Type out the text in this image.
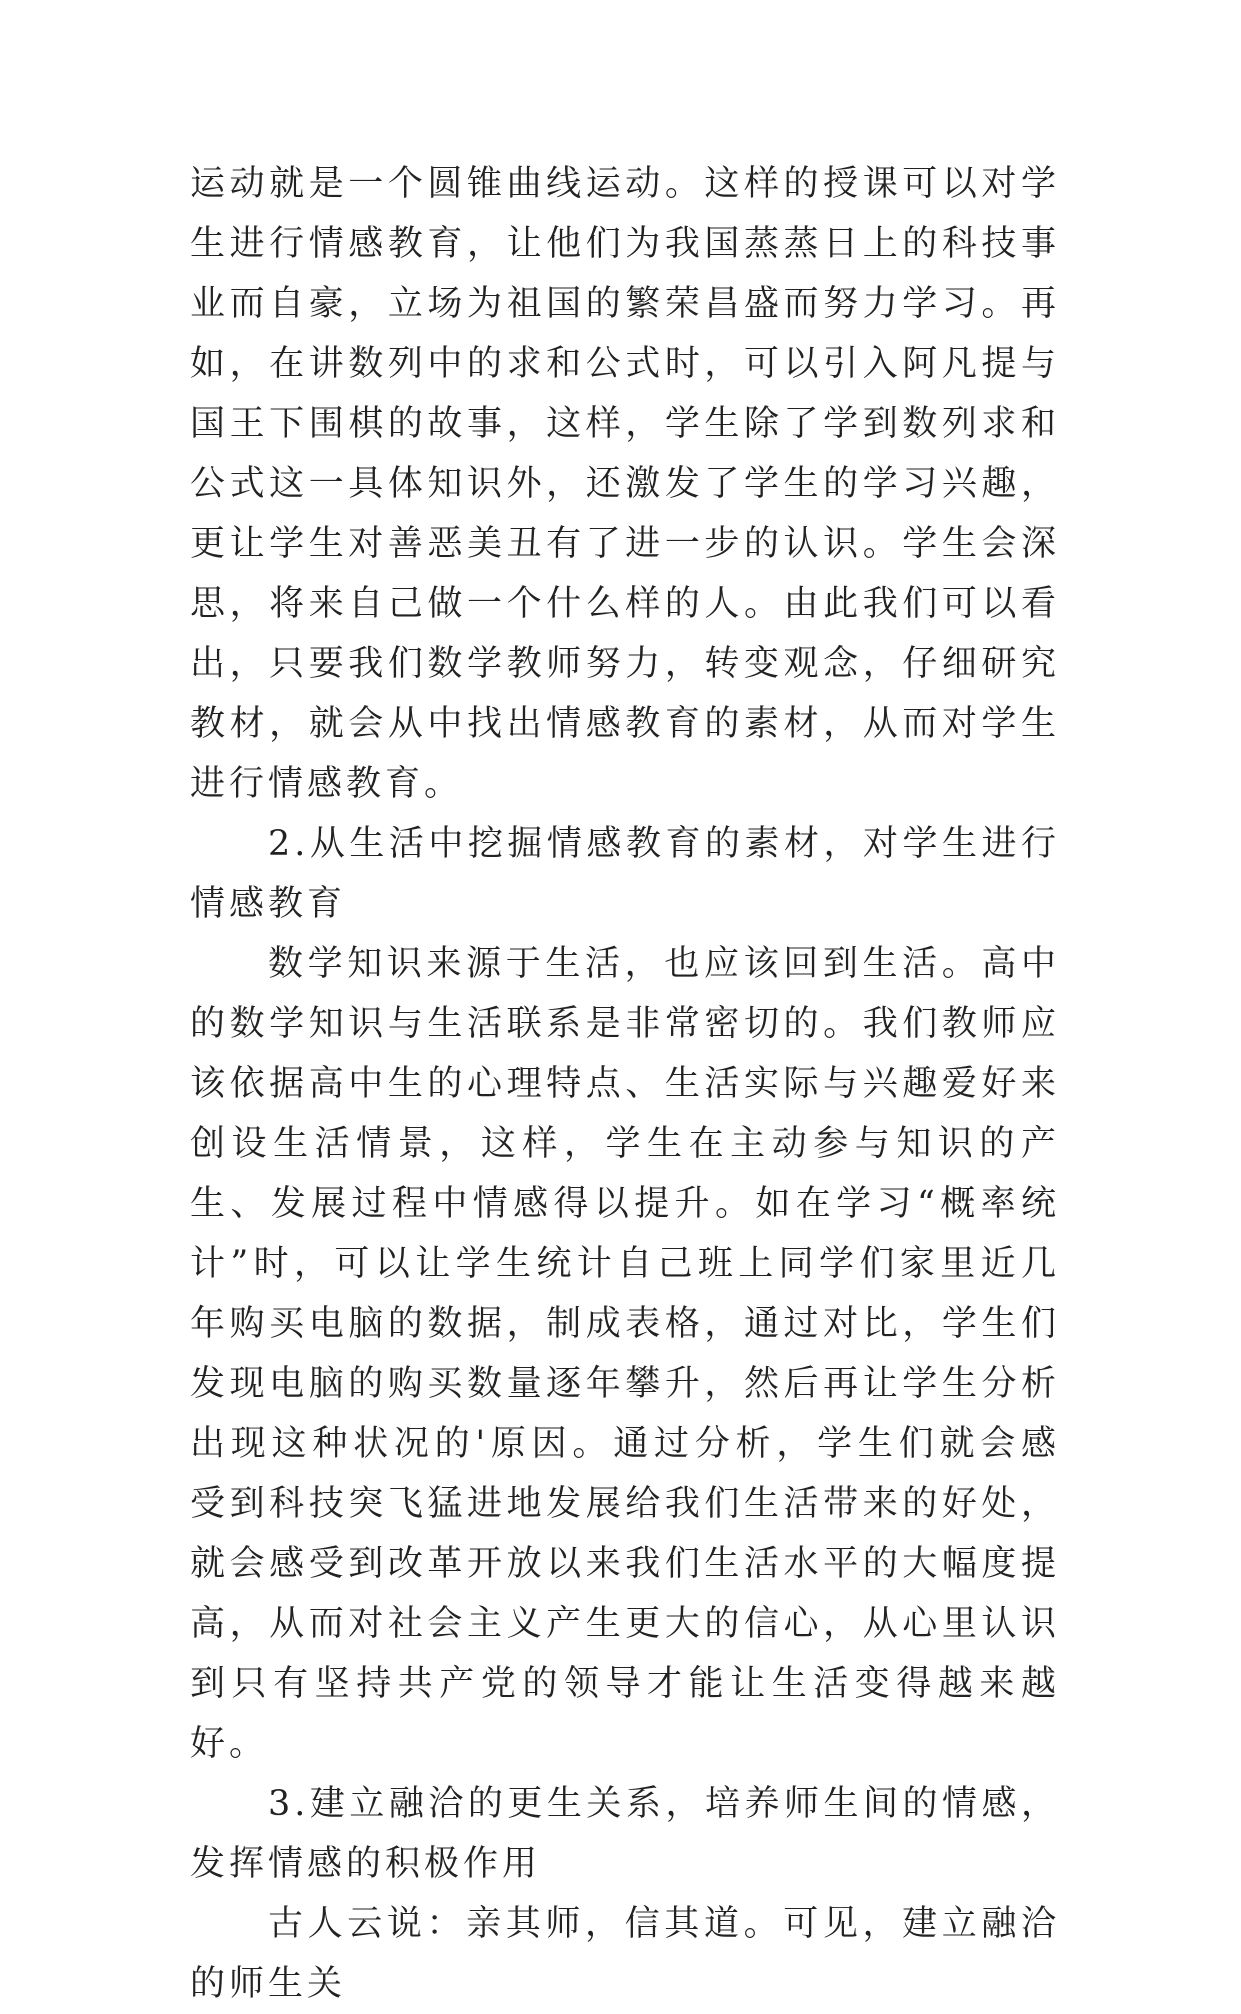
运动就是一个圆锥曲线运动。这样的授课可以对学生进行情感教育，让他们为我国蒸蒸日上的科技事业而自豪，立场为祖国的繁荣昌盛而努力学习。再如，在讲数列中的求和公式时，可以引入阿凡提与国王下围棋的故事，这样，学生除了学到数列求和公式这一具体知识外，还激发了学生的学习兴趣，更让学生对善恶美丑有了进一步的认识。学生会深思，将来自己做一个什么样的人。由此我们可以看出，只要我们数学教师努力，转变观念，仔细研究教材，就会从中找出情感教育的素材，从而对学生进行情感教育。

2.从生活中挖掘情感教育的素材，对学生进行情感教育

数学知识来源于生活，也应该回到生活。高中的数学知识与生活联系是非常密切的。我们教师应该依据高中生的心理特点、生活实际与兴趣爱好来创设生活情景，这样，学生在主动参与知识的产生、发展过程中情感得以提升。如在学习“概率统计”时，可以让学生统计自己班上同学们家里近几年购买电脑的数据，制成表格，通过对比，学生们发现电脑的购买数量逐年攀升，然后再让学生分析出现这种状况的'原因。通过分析，学生们就会感受到科技突飞猛进地发展给我们生活带来的好处，就会感受到改革开放以来我们生活水平的大幅度提高，从而对社会主义产生更大的信心，从心里认识到只有坚持共产党的领导才能让生活变得越来越好。

3.建立融洽的更生关系，培养师生间的情感，发挥情感的积极作用

古人云说：亲其师，信其道。可见，建立融洽的师生关
